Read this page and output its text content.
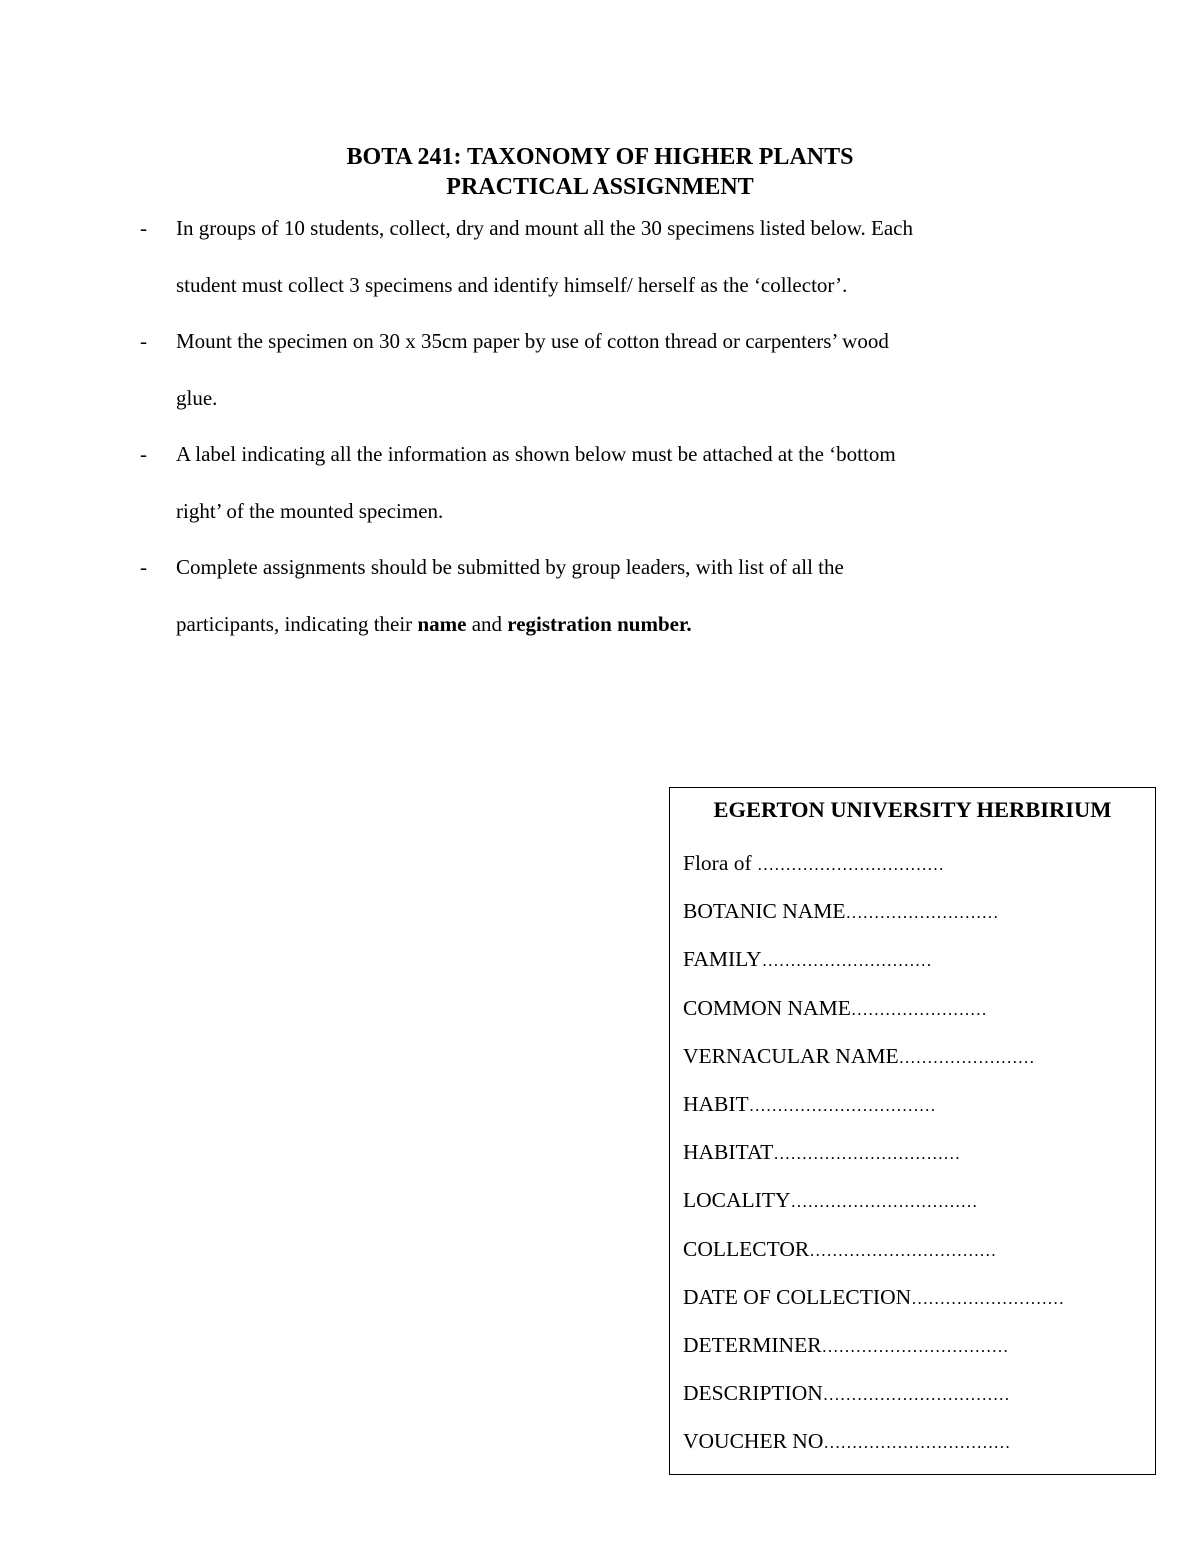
BOTA 241: TAXONOMY OF HIGHER PLANTS
PRACTICAL ASSIGNMENT
- In groups of 10 students, collect, dry and mount all the 30 specimens listed below. Each
student must collect 3 specimens and identify himself/ herself as the ‘collector’.
- Mount the specimen on 30 x 35cm paper by use of cotton thread or carpenters’ wood
glue.
- A label indicating all the information as shown below must be attached at the ‘bottom
right’ of the mounted specimen.
- Complete assignments should be submitted by group leaders, with list of all the
participants, indicating their name and registration number.
EGERTON UNIVERSITY HERBIRIUM
Flora of ……………………………
BOTANIC NAME………………………
FAMILY…………………………
COMMON NAME……………………
VERNACULAR NAME……………………
HABIT……………………………
HABITAT……………………………
LOCALITY……………………………
COLLECTOR……………………………
DATE OF COLLECTION………………………
DETERMINER……………………………
DESCRIPTION……………………………
VOUCHER NO……………………………
